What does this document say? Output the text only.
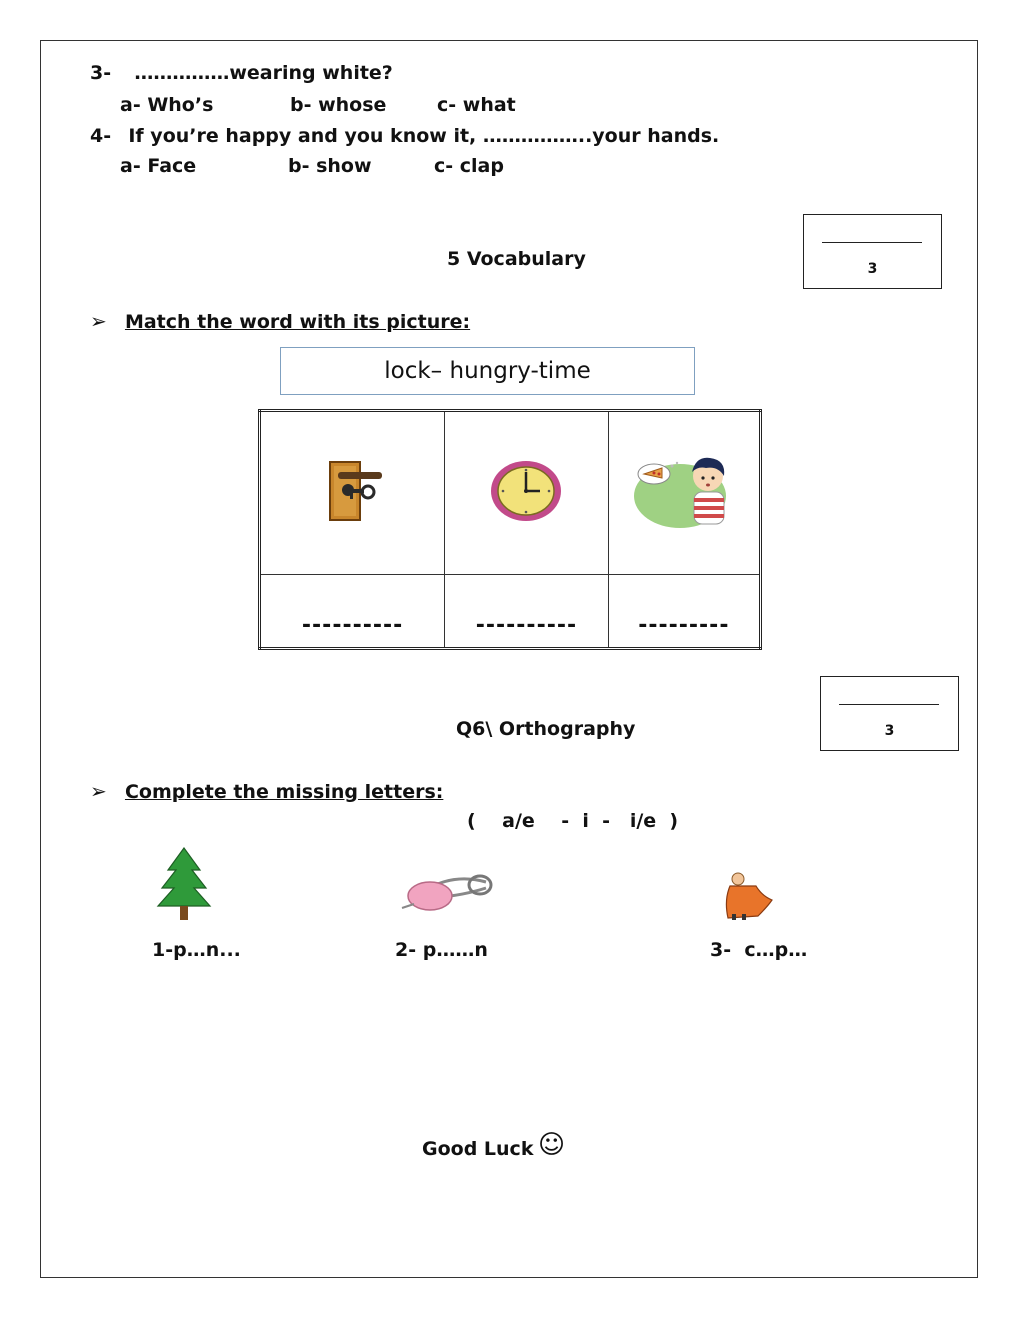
3- ……………wearing white?
a- Who’s	b- whose	c- what
4- If you’re happy and you know it, ……………..your hands.
a- Face	b- show	c- clap
3
5 Vocabulary
➢ Match the word with its picture:
lock– hungry-time

----------	----------	---------
3
Q6\ Orthography
➢ Complete the missing letters:
(    a/e    -  i  -   i/e  )
1-p…n...	2- p……n	3-  c…p…
Good Luck ☺
